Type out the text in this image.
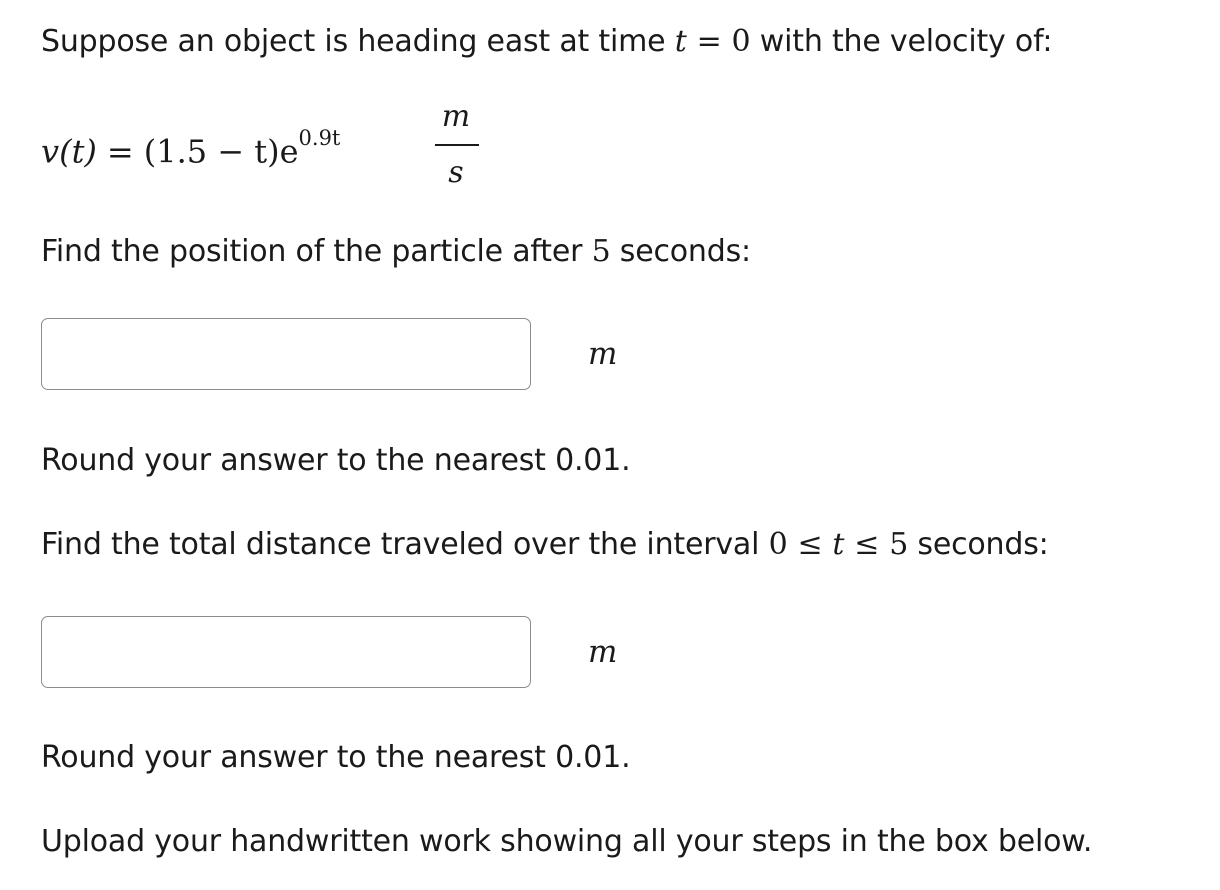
Suppose an object is heading east at time t = 0 with the velocity of:
$v(t) = (1.5 - t)e^{0.9t}$
m
s
Find the position of the particle after 5 seconds:
m
Round your answer to the nearest 0.01.
Find the total distance traveled over the interval 0 ≤ t ≤ 5 seconds:
m
Round your answer to the nearest 0.01.
Upload your handwritten work showing all your steps in the box below.
